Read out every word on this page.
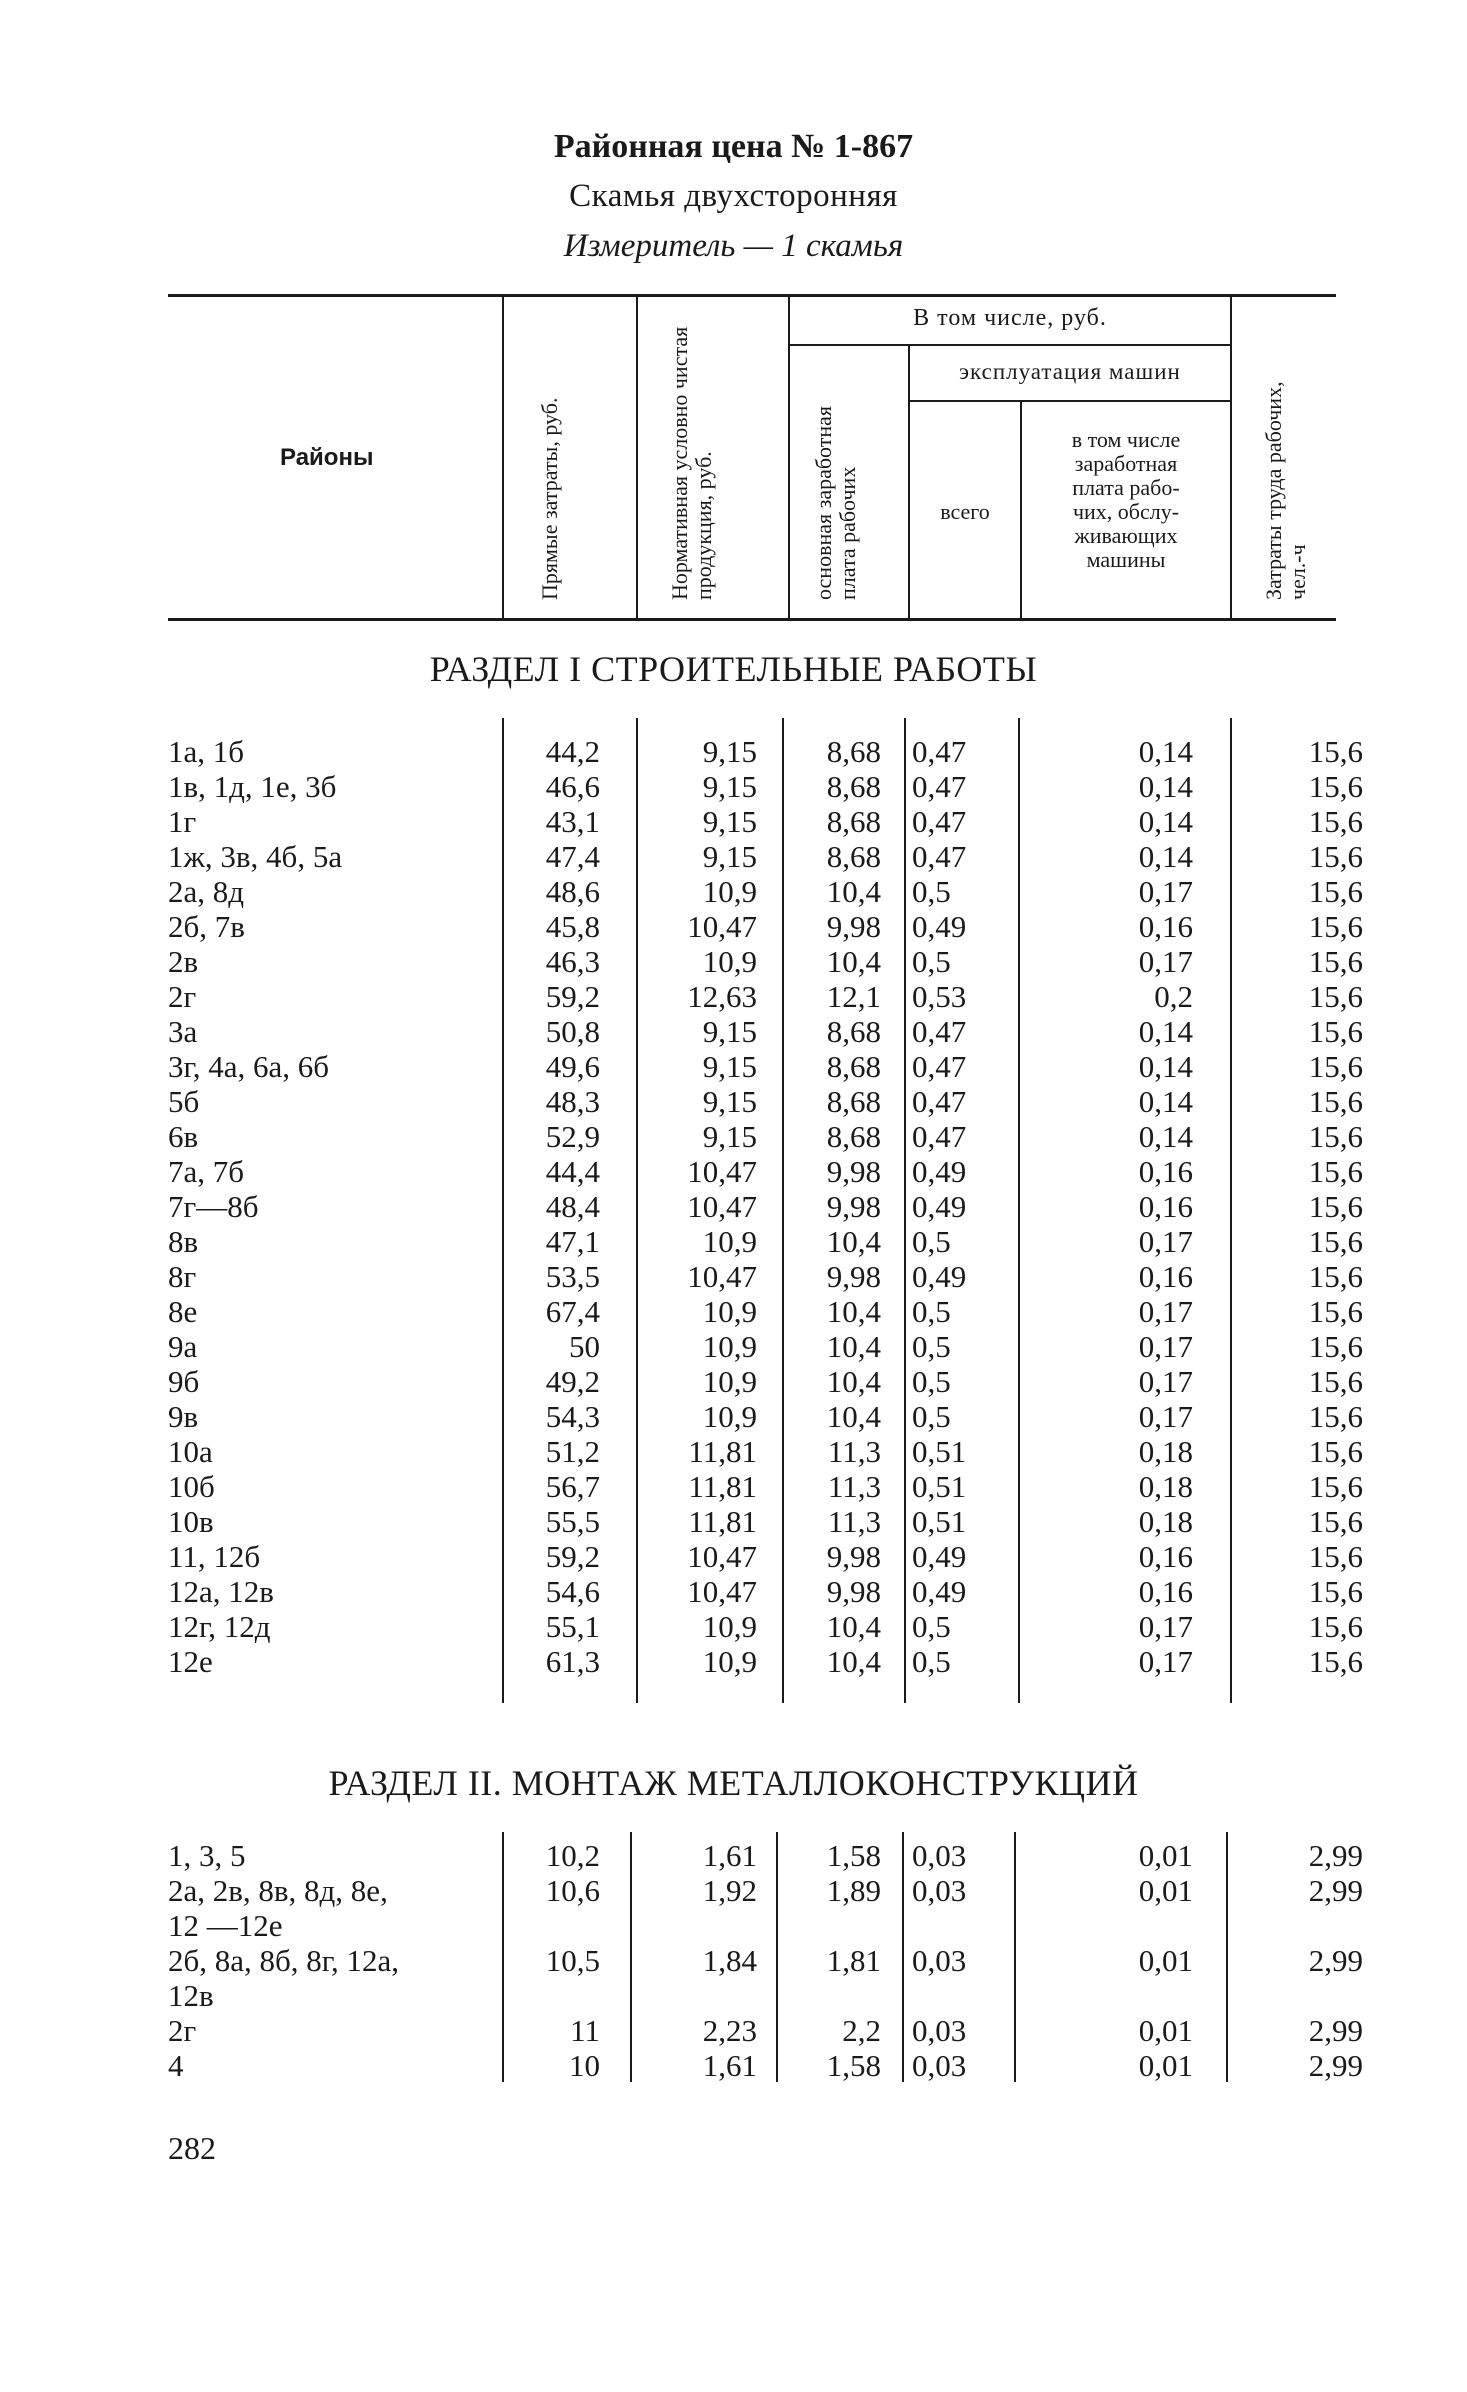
Районная цена № 1-867
Скамья двухсторонняя
Измеритель — 1 скамья
Районы	Прямые затраты, руб.	Нормативная условно чистая продукция, руб.
В том числе, руб.
основная заработная плата рабочих
эксплуатация машин
всего
в том числе
заработная
плата рабо-
чих, обслу-
живающих
машины	Затраты труда рабочих, чел.-ч
РАЗДЕЛ I СТРОИТЕЛЬНЫЕ РАБОТЫ
1а, 1б	44,2	9,15	8,68 0,47	0,14	15,6
1в, 1д, 1е, 3б	46,6	9,15	8,68 0,47	0,14	15,6
1г	43,1	9,15	8,68 0,47	0,14	15,6
1ж, 3в, 4б, 5а	47,4	9,15	8,68 0,47	0,14	15,6
2а, 8д	48,6	10,9	10,4 0,5	0,17	15,6
2б, 7в	45,8	10,47	9,98 0,49	0,16	15,6
2в	46,3	10,9	10,4 0,5	0,17	15,6
2г	59,2	12,63	12,1 0,53	0,2	15,6
3а	50,8	9,15	8,68 0,47	0,14	15,6
3г, 4а, 6а, 6б	49,6	9,15	8,68 0,47	0,14	15,6
5б	48,3	9,15	8,68 0,47	0,14	15,6
6в	52,9	9,15	8,68 0,47	0,14	15,6
7а, 7б	44,4	10,47	9,98 0,49	0,16	15,6
7г—8б	48,4	10,47	9,98 0,49	0,16	15,6
8в	47,1	10,9	10,4 0,5	0,17	15,6
8г	53,5	10,47	9,98 0,49	0,16	15,6
8е	67,4	10,9	10,4 0,5	0,17	15,6
9а	50	10,9	10,4 0,5	0,17	15,6
9б	49,2	10,9	10,4 0,5	0,17	15,6
9в	54,3	10,9	10,4 0,5	0,17	15,6
10а	51,2	11,81	11,3 0,51	0,18	15,6
10б	56,7	11,81	11,3 0,51	0,18	15,6
10в	55,5	11,81	11,3 0,51	0,18	15,6
11, 12б	59,2	10,47	9,98 0,49	0,16	15,6
12а, 12в	54,6	10,47	9,98 0,49	0,16	15,6
12г, 12д	55,1	10,9	10,4 0,5	0,17	15,6
12е	61,3	10,9	10,4 0,5	0,17	15,6
РАЗДЕЛ II. МОНТАЖ МЕТАЛЛОКОНСТРУКЦИЙ
1, 3, 5	10,2	1,61	1,58 0,03	0,01	2,99
2а, 2в, 8в, 8д, 8е,	10,6	1,92	1,89 0,03	0,01	2,99
12 —12е
2б, 8а, 8б, 8г, 12а,	10,5	1,84	1,81 0,03	0,01	2,99
12в
2г	11	2,23	2,2 0,03	0,01	2,99
4	10	1,61	1,58 0,03	0,01	2,99
282
